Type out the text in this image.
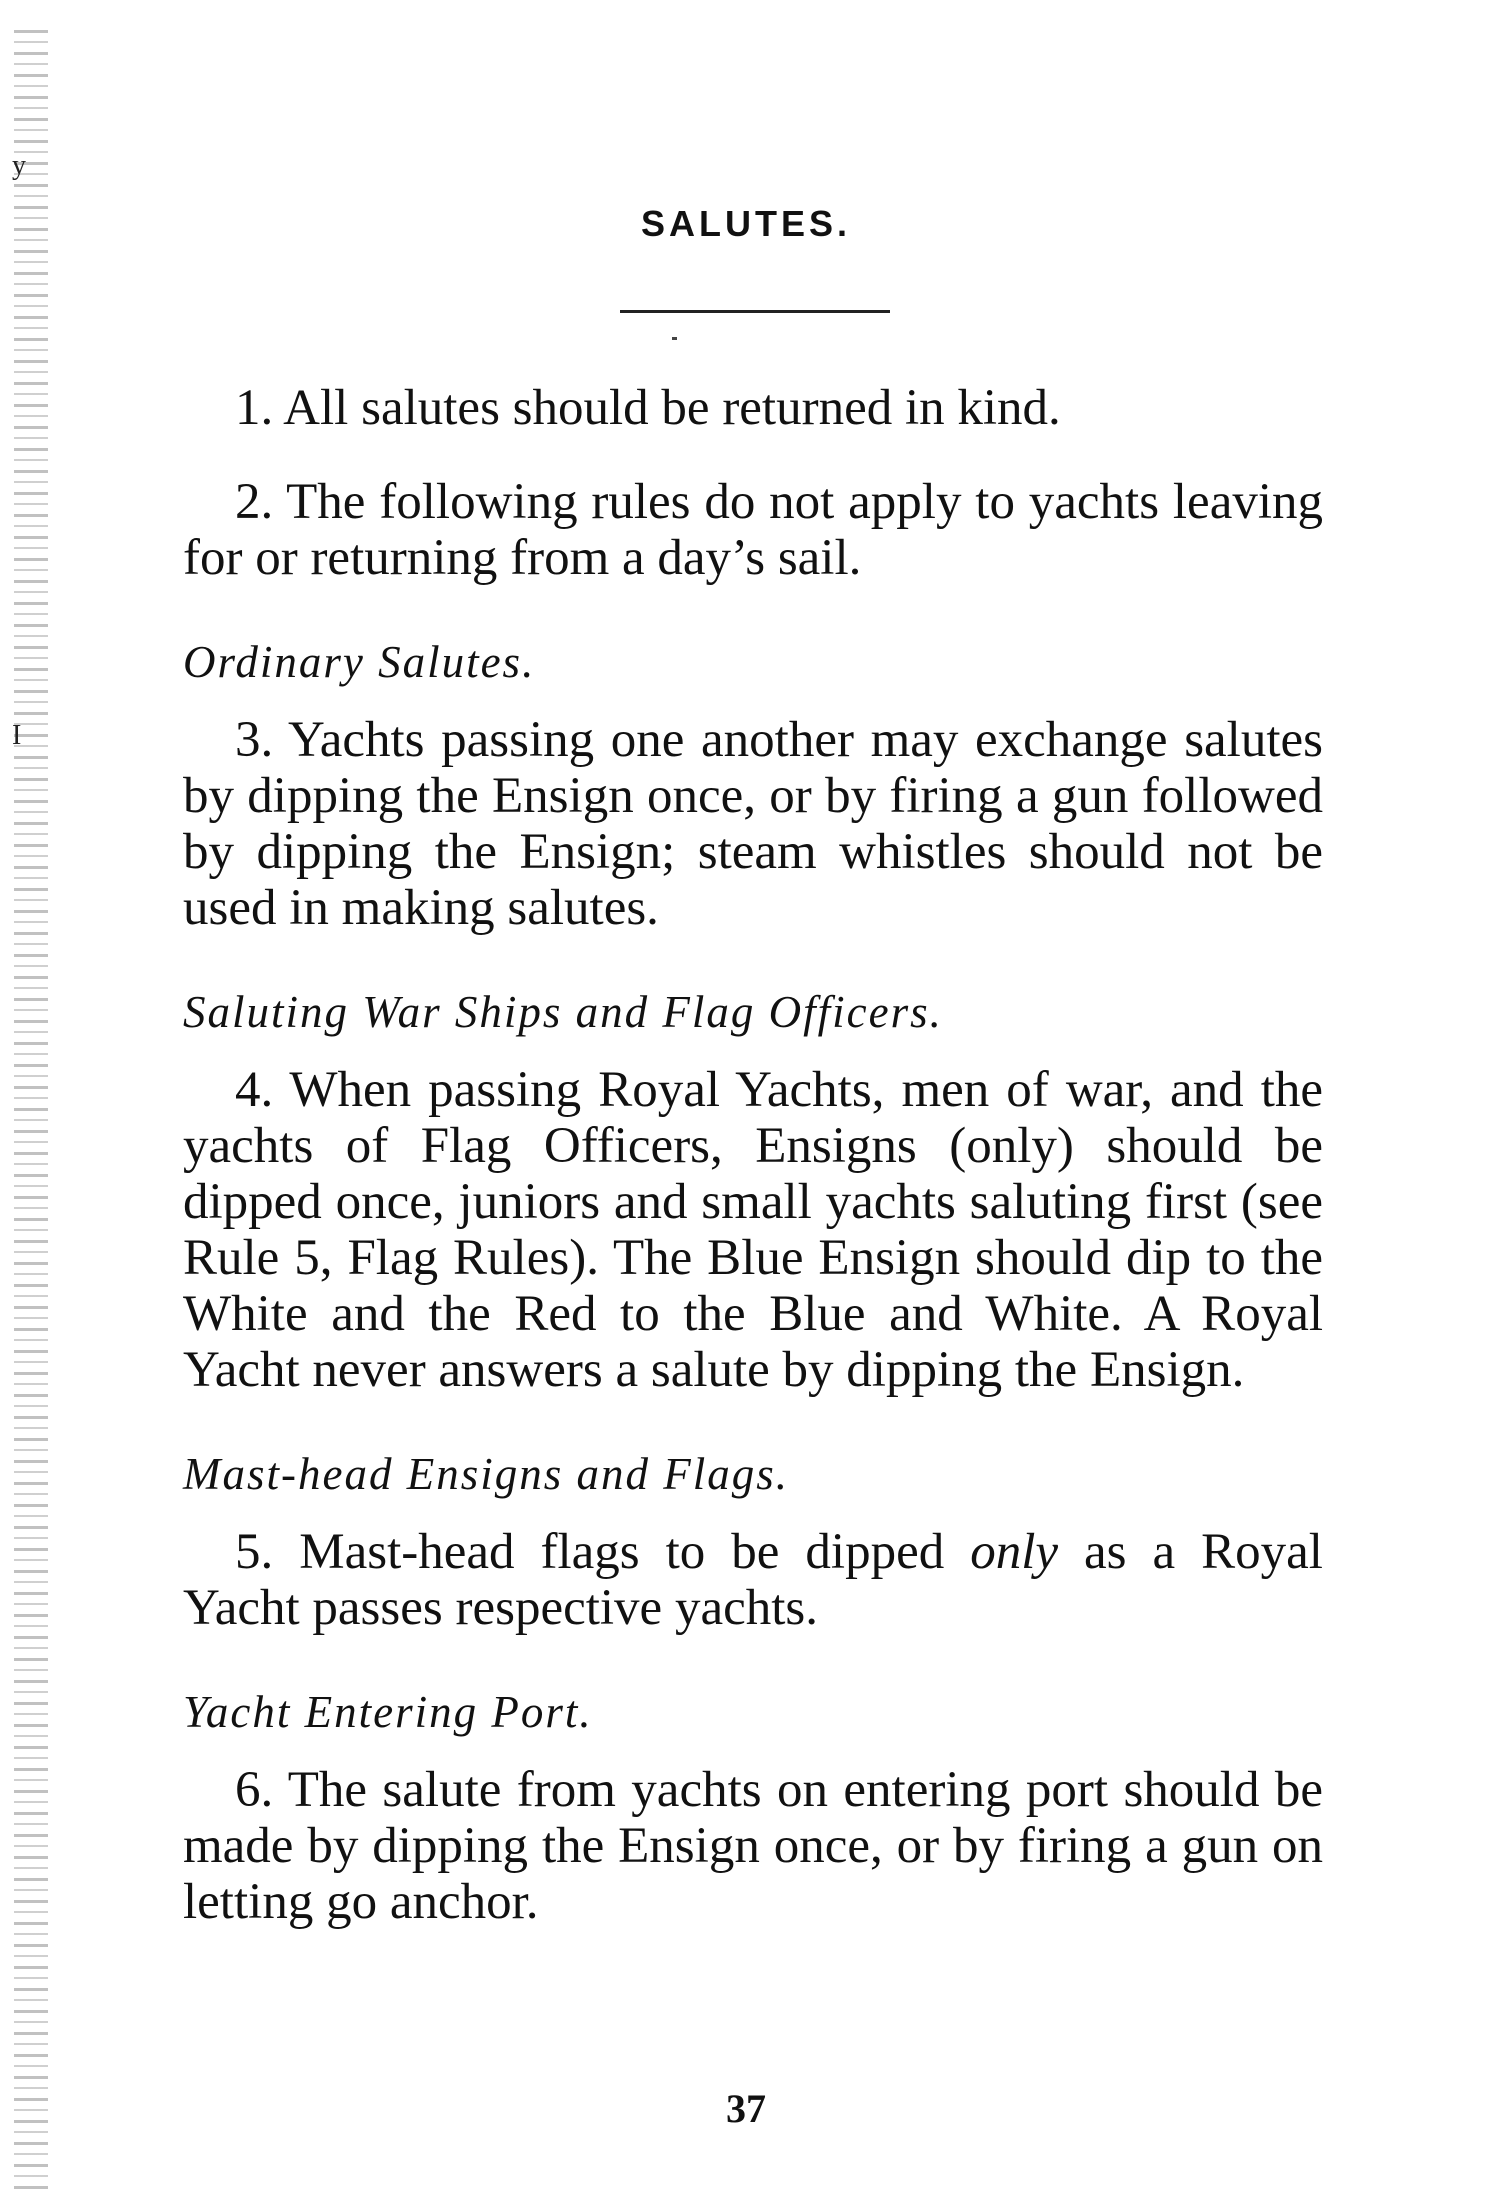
y
I
SALUTES.

1. All salutes should be returned in kind.

2. The following rules do not apply to yachts leaving for or returning from a day’s sail.

Ordinary Salutes.

3. Yachts passing one another may exchange salutes by dipping the Ensign once, or by firing a gun followed by dipping the Ensign; steam whistles should not be used in making salutes.

Saluting War Ships and Flag Officers.

4. When passing Royal Yachts, men of war, and the yachts of Flag Officers, Ensigns (only) should be dipped once, juniors and small yachts saluting first (see Rule 5, Flag Rules). The Blue Ensign should dip to the White and the Red to the Blue and White. A Royal Yacht never answers a salute by dipping the Ensign.

Mast-head Ensigns and Flags.

5. Mast-head flags to be dipped only as a Royal Yacht passes respective yachts.

Yacht Entering Port.

6. The salute from yachts on entering port should be made by dipping the Ensign once, or by firing a gun on letting go anchor.

37
